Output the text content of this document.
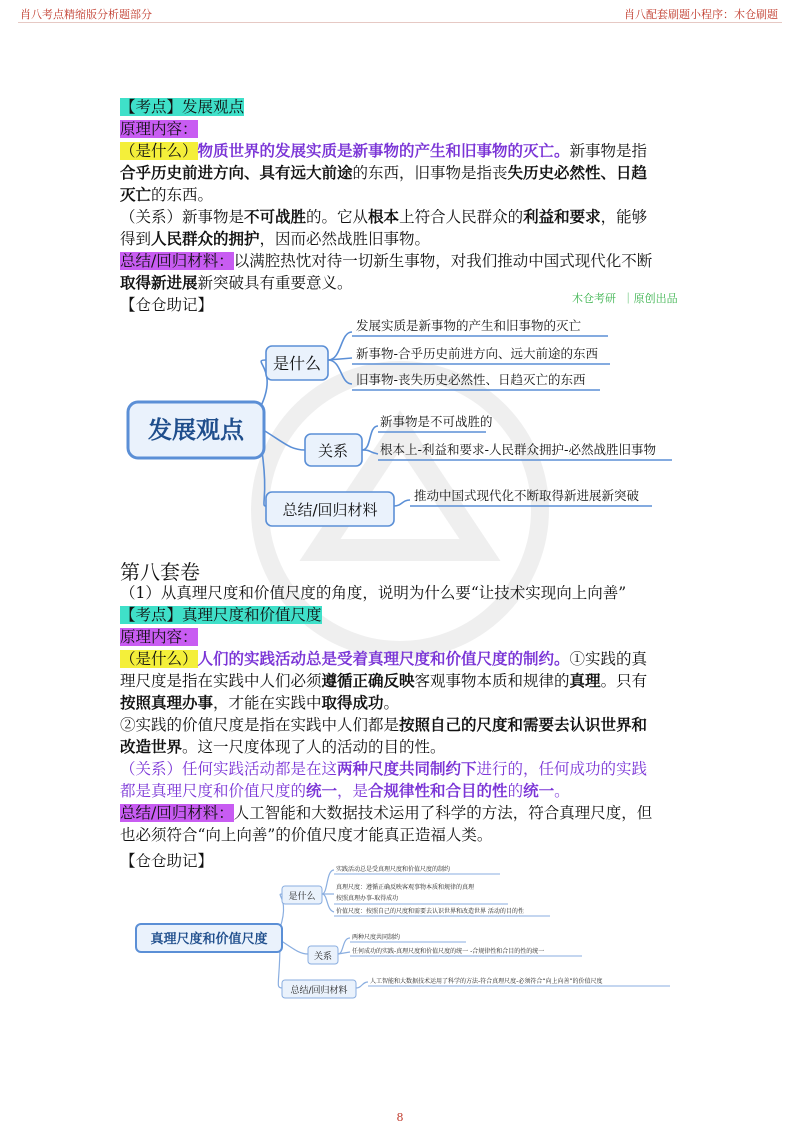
肖八考点精缩版分析题部分	肖八配套刷题小程序：木仓刷题
【考点】发展观点
原理内容：
（是什么）物质世界的发展实质是新事物的产生和旧事物的灭亡。新事物是指
合乎历史前进方向、具有远大前途的东西，旧事物是指丧失历史必然性、日趋
灭亡的东西。
（关系）新事物是不可战胜的。它从根本上符合人民群众的利益和要求，能够
得到人民群众的拥护，因而必然战胜旧事物。
总结/回归材料：以满腔热忱对待一切新生事物，对我们推动中国式现代化不断
取得新进展新突破具有重要意义。
【仓仓助记】	木仓考研 ｜原创出品
发展观点
是什么
关系
总结/回归材料
发展实质是新事物的产生和旧事物的灭亡
新事物-合乎历史前进方向、远大前途的东西
旧事物-丧失历史必然性、日趋灭亡的东西
新事物是不可战胜的
根本上-利益和要求-人民群众拥护-必然战胜旧事物
推动中国式现代化不断取得新进展新突破
第八套卷
（1）从真理尺度和价值尺度的角度，说明为什么要“让技术实现向上向善”
【考点】真理尺度和价值尺度
原理内容：
（是什么）人们的实践活动总是受着真理尺度和价值尺度的制约。①实践的真
理尺度是指在实践中人们必须遵循正确反映客观事物本质和规律的真理。只有
按照真理办事，才能在实践中取得成功。
②实践的价值尺度是指在实践中人们都是按照自己的尺度和需要去认识世界和
改造世界。这一尺度体现了人的活动的目的性。
（关系）任何实践活动都是在这两种尺度共同制约下进行的，任何成功的实践
都是真理尺度和价值尺度的统一，是合规律性和合目的性的统一。
总结/回归材料：人工智能和大数据技术运用了科学的方法，符合真理尺度，但
也必须符合“向上向善”的价值尺度才能真正造福人类。
【仓仓助记】
真理尺度和价值尺度
是什么
关系
总结/回归材料
实践活动总是受真理尺度和价值尺度的制约
真理尺度：遵循正确反映客观事物本质和规律的真理
按照真理办事-取得成功
价值尺度：按照自己的尺度和需要去认识世界和改造世界 活动的目的性
两种尺度共同制约
任何成功的实践-真理尺度和价值尺度的统一 -合规律性和合目的性的统一
人工智能和大数据技术运用了科学的方法-符合真理尺度-必须符合“向上向善”的价值尺度
8
